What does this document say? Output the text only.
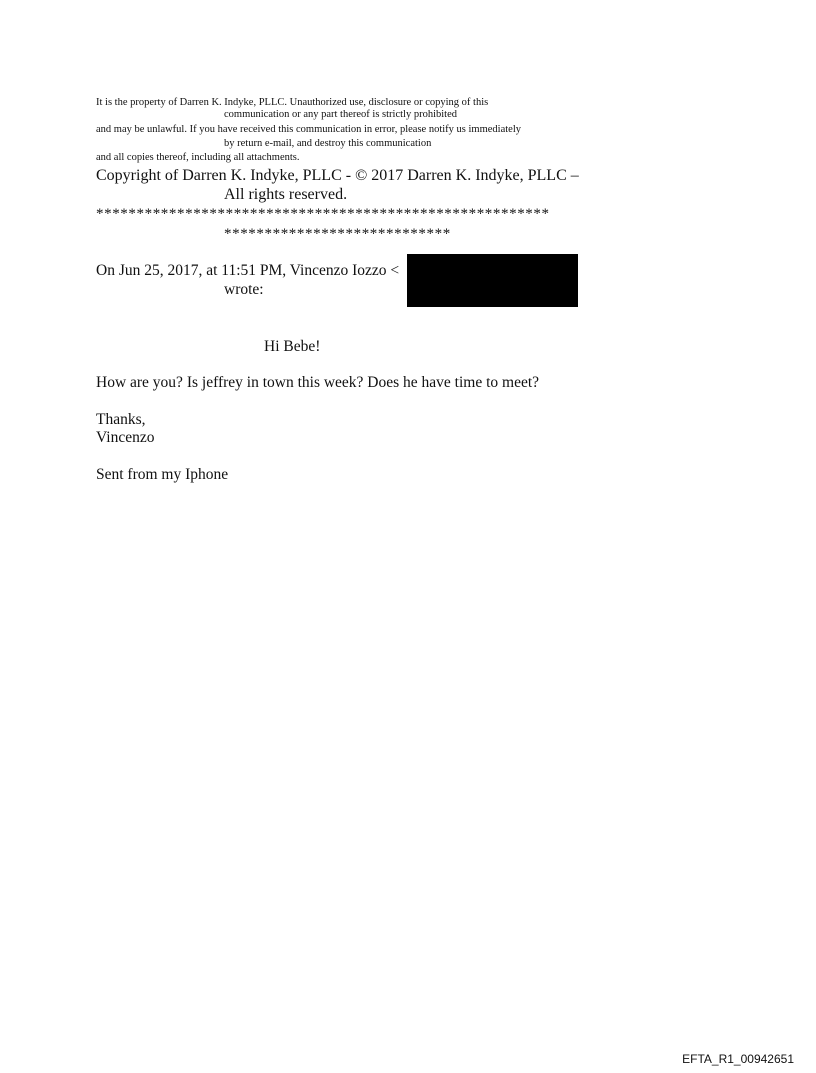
It is the property of Darren K. Indyke, PLLC. Unauthorized use, disclosure or copying of this
communication or any part thereof is strictly prohibited
and may be unlawful. If you have received this communication in error, please notify us immediately
by return e-mail, and destroy this communication
and all copies thereof, including all attachments.
Copyright of Darren K. Indyke, PLLC - © 2017 Darren K. Indyke, PLLC –
All rights reserved.
********************************************************
****************************
On Jun 25, 2017, at 11:51 PM, Vincenzo Iozzo <
wrote:
Hi Bebe!
How are you? Is jeffrey in town this week? Does he have time to meet?
Thanks,
Vincenzo
Sent from my Iphone
EFTA_R1_00942651
